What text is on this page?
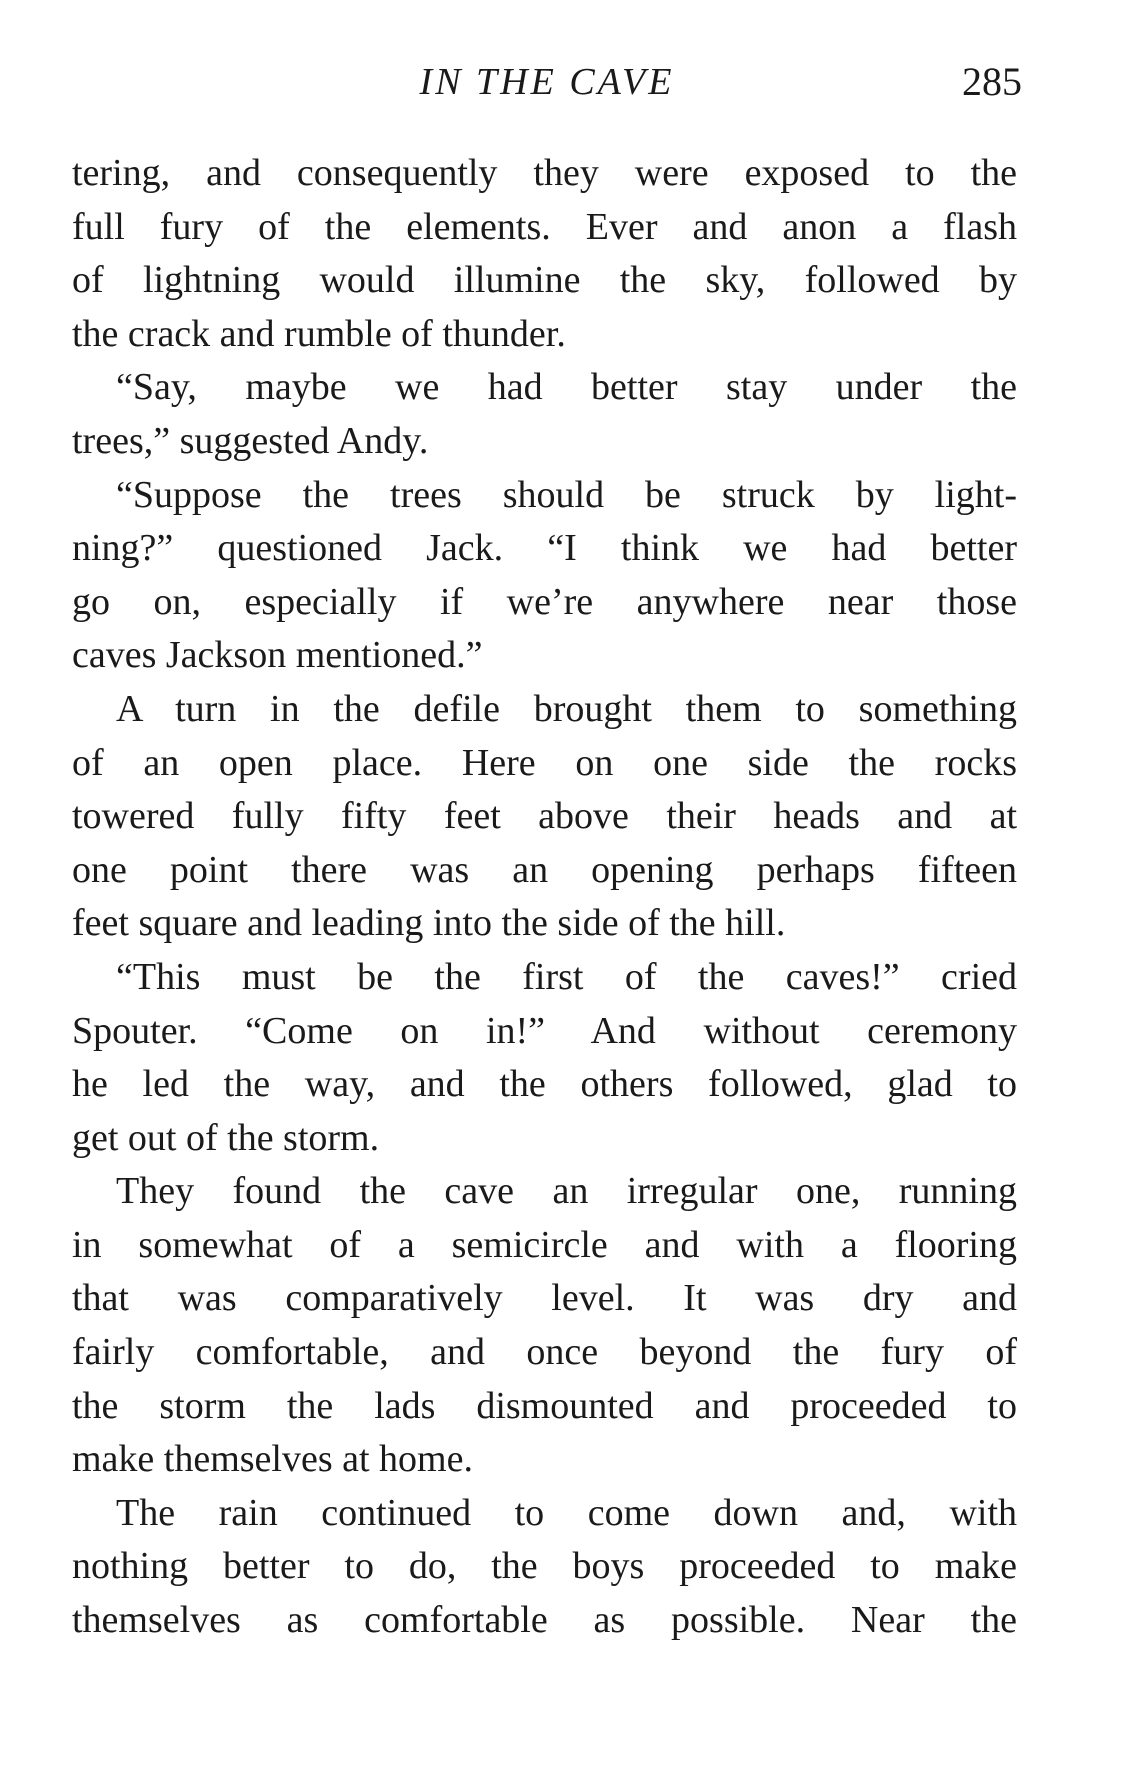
IN THE CAVE	285
tering, and consequently they were exposed to the
full fury of the elements. Ever and anon a flash
of lightning would illumine the sky, followed by
the crack and rumble of thunder.
“Say, maybe we had better stay under the
trees,” suggested Andy.
“Suppose the trees should be struck by light-
ning?” questioned Jack. “I think we had better
go on, especially if we’re anywhere near those
caves Jackson mentioned.”
A turn in the defile brought them to something
of an open place. Here on one side the rocks
towered fully fifty feet above their heads and at
one point there was an opening perhaps fifteen
feet square and leading into the side of the hill.
“This must be the first of the caves!” cried
Spouter. “Come on in!” And without ceremony
he led the way, and the others followed, glad to
get out of the storm.
They found the cave an irregular one, running
in somewhat of a semicircle and with a flooring
that was comparatively level. It was dry and
fairly comfortable, and once beyond the fury of
the storm the lads dismounted and proceeded to
make themselves at home.
The rain continued to come down and, with
nothing better to do, the boys proceeded to make
themselves as comfortable as possible. Near the
